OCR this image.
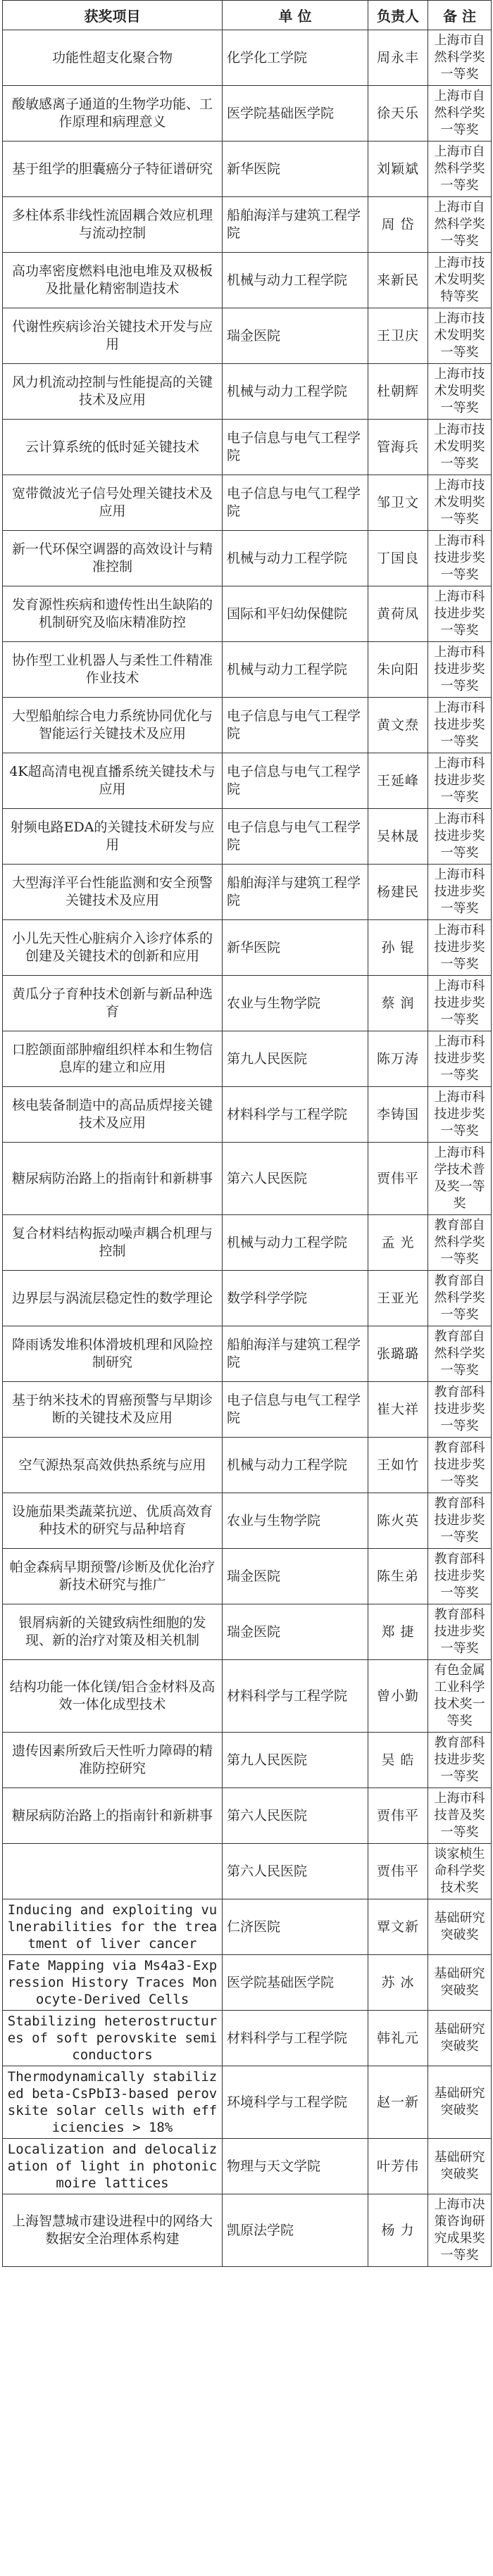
获奖项目	单 位	负责人	备 注
功能性超支化聚合物	化学化工学院	周永丰	上海市自然科学奖一等奖
酸敏感离子通道的生物学功能、工作原理和病理意义	医学院基础医学院	徐天乐	上海市自然科学奖一等奖
基于组学的胆囊癌分子特征谱研究	新华医院	刘颖斌	上海市自然科学奖一等奖
多柱体系非线性流固耦合效应机理与流动控制	船舶海洋与建筑工程学院	周 岱	上海市自然科学奖一等奖
高功率密度燃料电池电堆及双极板及批量化精密制造技术	机械与动力工程学院	来新民	上海市技术发明奖特等奖
代谢性疾病诊治关键技术开发与应用	瑞金医院	王卫庆	上海市技术发明奖一等奖
风力机流动控制与性能提高的关键技术及应用	机械与动力工程学院	杜朝辉	上海市技术发明奖一等奖
云计算系统的低时延关键技术	电子信息与电气工程学院	管海兵	上海市技术发明奖一等奖
宽带微波光子信号处理关键技术及应用	电子信息与电气工程学院	邹卫文	上海市技术发明奖一等奖
新一代环保空调器的高效设计与精准控制	机械与动力工程学院	丁国良	上海市科技进步奖一等奖
发育源性疾病和遗传性出生缺陷的机制研究及临床精准防控	国际和平妇幼保健院	黄荷凤	上海市科技进步奖一等奖
协作型工业机器人与柔性工件精准作业技术	机械与动力工程学院	朱向阳	上海市科技进步奖一等奖
大型船舶综合电力系统协同优化与智能运行关键技术及应用	电子信息与电气工程学院	黄文焘	上海市科技进步奖一等奖
4K超高清电视直播系统关键技术与应用	电子信息与电气工程学院	王延峰	上海市科技进步奖一等奖
射频电路EDA的关键技术研发与应用	电子信息与电气工程学院	吴林晟	上海市科技进步奖一等奖
大型海洋平台性能监测和安全预警关键技术及应用	船舶海洋与建筑工程学院	杨建民	上海市科技进步奖一等奖
小儿先天性心脏病介入诊疗体系的创建及关键技术的创新和应用	新华医院	孙 锟	上海市科技进步奖一等奖
黄瓜分子育种技术创新与新品种选育	农业与生物学院	蔡 润	上海市科技进步奖一等奖
口腔颌面部肿瘤组织样本和生物信息库的建立和应用	第九人民医院	陈万涛	上海市科技进步奖一等奖
核电装备制造中的高品质焊接关键技术及应用	材料科学与工程学院	李铸国	上海市科技进步奖一等奖
糖尿病防治路上的指南针和新耕事	第六人民医院	贾伟平	上海市科学技术普及奖一等奖
复合材料结构振动噪声耦合机理与控制	机械与动力工程学院	孟 光	教育部自然科学奖一等奖
边界层与涡流层稳定性的数学理论	数学科学学院	王亚光	教育部自然科学奖一等奖
降雨诱发堆积体滑坡机理和风险控制研究	船舶海洋与建筑工程学院	张璐璐	教育部自然科学奖一等奖
基于纳米技术的胃癌预警与早期诊断的关键技术及应用	电子信息与电气工程学院	崔大祥	教育部科技进步奖一等奖
空气源热泵高效供热系统与应用	机械与动力工程学院	王如竹	教育部科技进步奖一等奖
设施茄果类蔬菜抗逆、优质高效育种技术的研究与品种培育	农业与生物学院	陈火英	教育部科技进步奖一等奖
帕金森病早期预警/诊断及优化治疗新技术研究与推广	瑞金医院	陈生弟	教育部科技进步奖一等奖
银屑病新的关键致病性细胞的发现、新的治疗对策及相关机制	瑞金医院	郑 捷	教育部科技进步奖一等奖
结构功能一体化镁/铝合金材料及高效一体化成型技术	材料科学与工程学院	曾小勤	有色金属工业科学技术奖一等奖
遗传因素所致后天性听力障碍的精准防控研究	第九人民医院	吴 皓	教育部科技进步奖一等奖
糖尿病防治路上的指南针和新耕事	第六人民医院	贾伟平	上海市科技普及奖一等奖
	第六人民医院	贾伟平	谈家桢生命科学奖技术奖
Inducing and exploiting vulnerabilities for the treatment of liver cancer	仁济医院	覃文新	基础研究突破奖
Fate Mapping via Ms4a3-Expression History Traces Monocyte-Derived Cells	医学院基础医学院	苏 冰	基础研究突破奖
Stabilizing heterostructures of soft perovskite semiconductors	材料科学与工程学院	韩礼元	基础研究突破奖
Thermodynamically stabilized beta-CsPbI3-based perovskite solar cells with efficiencies > 18%	环境科学与工程学院	赵一新	基础研究突破奖
Localization and delocalization of light in photonic moire lattices	物理与天文学院	叶芳伟	基础研究突破奖
上海智慧城市建设进程中的网络大数据安全治理体系构建	凯原法学院	杨 力	上海市决策咨询研究成果奖一等奖
